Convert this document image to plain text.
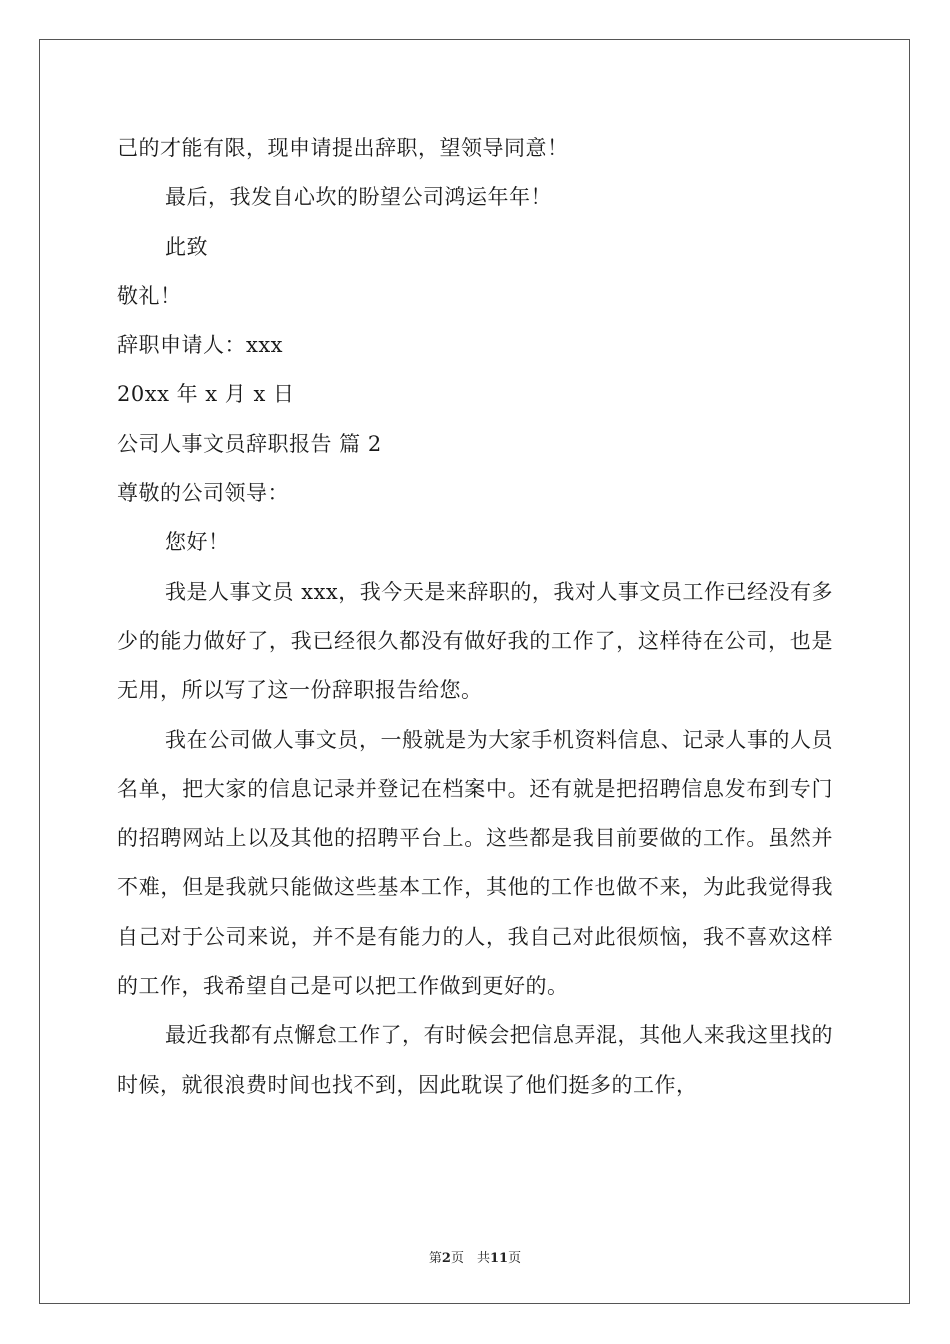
己的才能有限，现申请提出辞职，望领导同意！
最后，我发自心坎的盼望公司鸿运年年！
此致
敬礼！
辞职申请人：xxx
20xx 年 x 月 x 日
公司人事文员辞职报告 篇 2
尊敬的公司领导：
您好！
我是人事文员 xxx，我今天是来辞职的，我对人事文员工作已经没有多少的能力做好了，我已经很久都没有做好我的工作了，这样待在公司，也是无用，所以写了这一份辞职报告给您。
我在公司做人事文员，一般就是为大家手机资料信息、记录人事的人员名单，把大家的信息记录并登记在档案中。还有就是把招聘信息发布到专门的招聘网站上以及其他的招聘平台上。这些都是我目前要做的工作。虽然并不难，但是我就只能做这些基本工作，其他的工作也做不来，为此我觉得我自己对于公司来说，并不是有能力的人，我自己对此很烦恼，我不喜欢这样的工作，我希望自己是可以把工作做到更好的。
最近我都有点懈怠工作了，有时候会把信息弄混，其他人来我这里找的时候，就很浪费时间也找不到，因此耽误了他们挺多的工作，
第2页　共11页
